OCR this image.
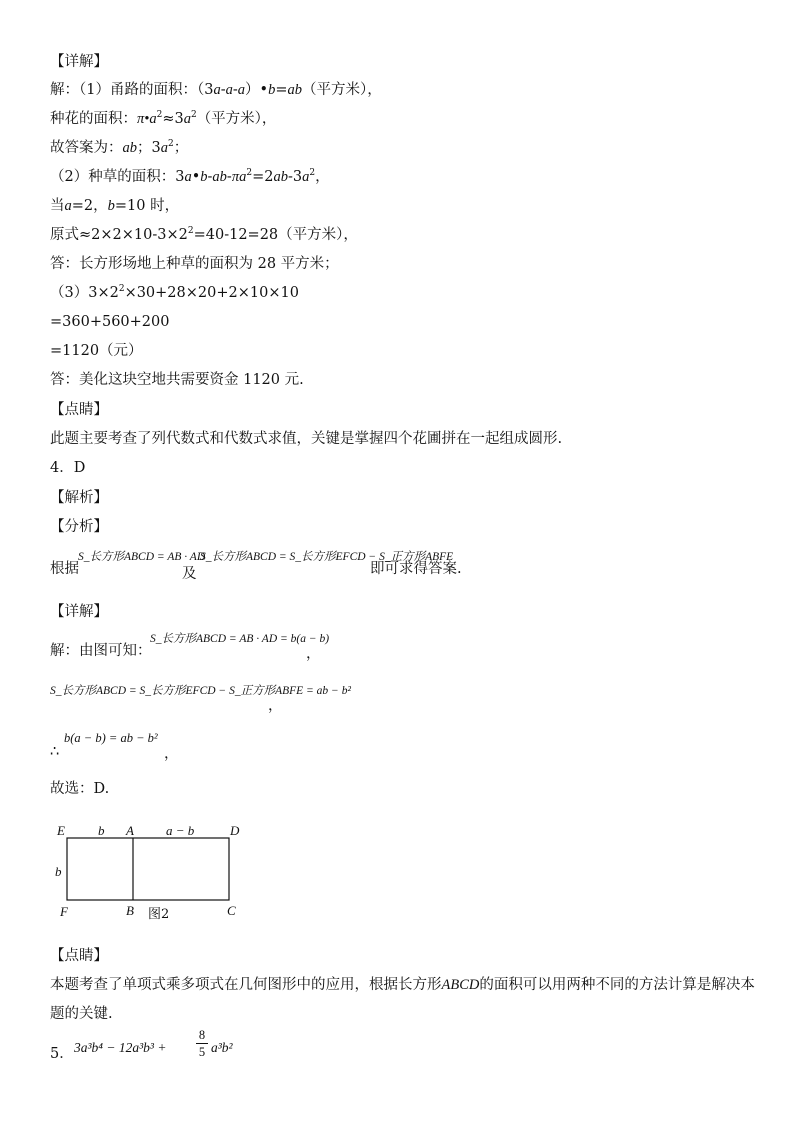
【详解】
解：（1）甬路的面积：（3a-a-a）•b=ab（平方米），
种花的面积：$\pi•a^2\approx 3a^2$（平方米），
故答案为：ab；$3a^2$；
（2）种草的面积：$3a•b-ab-\pi a^2=2ab-3a^2$，
当a=2，b=10 时，
原式$\approx 2\times 2\times 10-3\times 2^2=40-12=28$（平方米），
答：长方形场地上种草的面积为 28 平方米；
$(3)3\times 2^2\times 30+28\times 20+2\times 10\times 10$
=360+560+200
=1120（元）
答：美化这块空地共需要资金 1120 元.
【点睛】
此题主要考查了列代数式和代数式求值，关键是掌握四个花圃拼在一起组成圆形.
4．D
【解析】
【分析】
根据
S_长方形ABCD = AB · AD
及
S_长方形ABCD = S_长方形EFCD − S_正方形ABFE
即可求得答案.
【详解】
解：由图可知：
S_长方形ABCD = AB · AD = b(a − b)
，
S_长方形ABCD = S_长方形EFCD − S_正方形ABFE = ab − b²
，
∴
b(a − b) = ab − b²
，
故选：D.
E	b A a − b	D
b
F	B 图2	C
【点睛】
本题考查了单项式乘多项式在几何图形中的应用，根据长方形ABCD的面积可以用两种不同的方法计算是解决本
题的关键.
5． 3a³b⁴ − 12a³b³ +
8
5 a³b²
